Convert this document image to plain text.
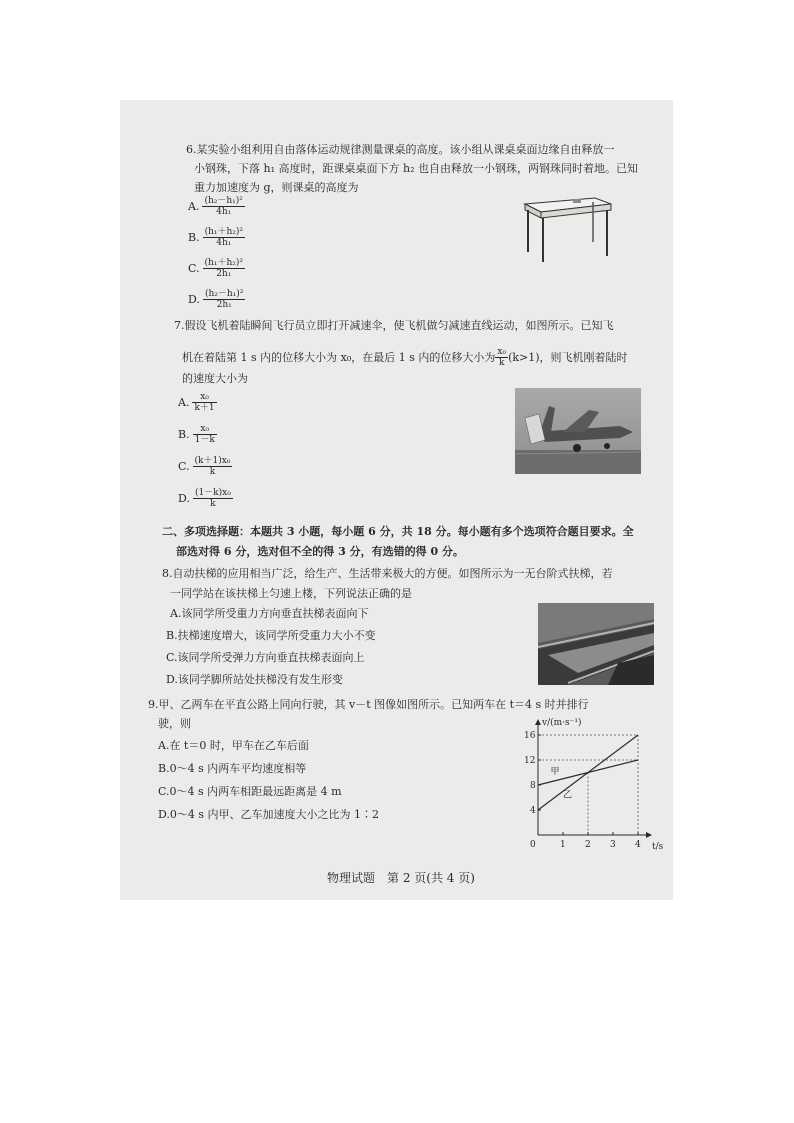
6.某实验小组利用自由落体运动规律测量课桌的高度。该小组从课桌桌面边缘自由释放一
小钢珠，下落 h₁ 高度时，距课桌桌面下方 h₂ 也自由释放一小钢珠，两钢珠同时着地。已知
重力加速度为 g，则课桌的高度为
A. $\frac{\text{(h₂－h₁)²}}{\text{4h₁}}$
B. $\frac{\text{(h₁＋h₂)²}}{\text{4h₁}}$
C. $\frac{\text{(h₁＋h₂)²}}{\text{2h₁}}$
D. $\frac{\text{(h₂－h₁)²}}{\text{2h₁}}$
7.假设飞机着陆瞬间飞行员立即打开减速伞，使飞机做匀减速直线运动，如图所示。已知飞
机在着陆第 1 s 内的位移大小为 x₀，在最后 1 s 内的位移大小为 $\frac{\text{x₀}}{k} (k>1)$，则飞机刚着陆时
的速度大小为
A. $\frac{\text{x₀}}{k+1}$
B. $\frac{\text{x₀}}{1-k}$
C. $\frac{\text{(k＋1)x₀}}{k}$
D. $\frac{\text{(1－k)x₀}}{k}$
二、多项选择题：本题共 3 小题，每小题 6 分，共 18 分。每小题有多个选项符合题目要求。全
部选对得 6 分，选对但不全的得 3 分，有选错的得 0 分。
8.自动扶梯的应用相当广泛，给生产、生活带来极大的方便。如图所示为一无台阶式扶梯，若
一同学站在该扶梯上匀速上楼，下列说法正确的是
A.该同学所受重力方向垂直扶梯表面向下
B.扶梯速度增大，该同学所受重力大小不变
C.该同学所受弹力方向垂直扶梯表面向上
D.该同学脚所站处扶梯没有发生形变
9.甲、乙两车在平直公路上同向行驶，其 v－t 图像如图所示。已知两车在 t＝4 s 时并排行
驶，则
A.在 t＝0 时，甲车在乙车后面
B.0～4 s 内两车平均速度相等
C.0～4 s 内两车相距最远距离是 4 m
D.0～4 s 内甲、乙车加速度大小之比为 1∶2
v/(m·s⁻¹)
t/s
0	1 2 3 4
4
8
12
16
甲
乙
物理试题　第 2 页(共 4 页)
